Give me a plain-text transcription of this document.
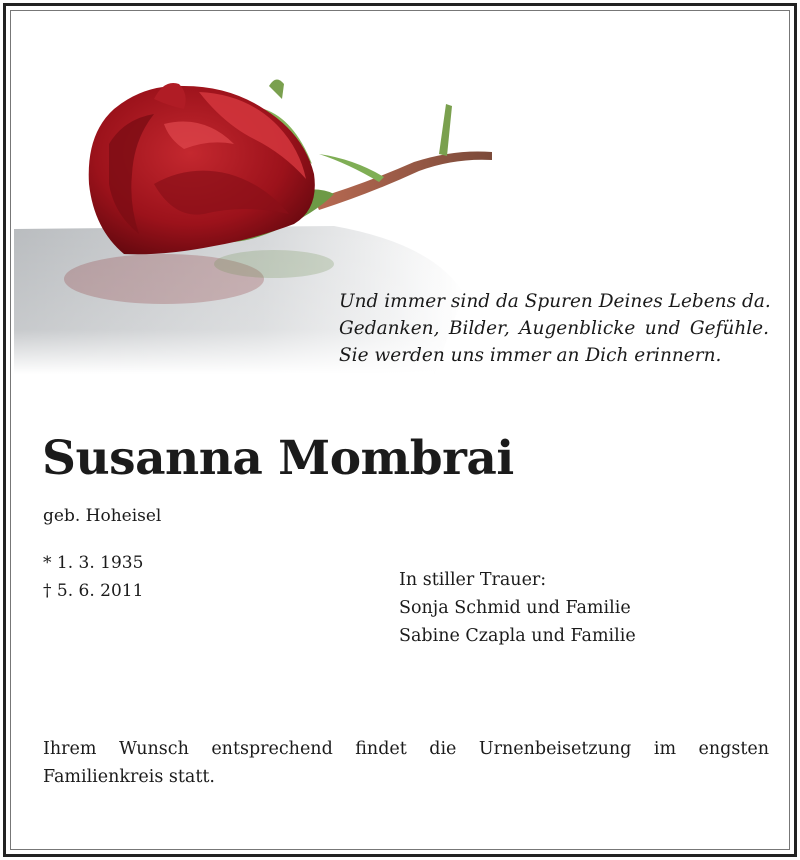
Und immer sind da Spuren Deines Lebens da.
Gedanken, Bilder, Augenblicke und Gefühle.
Sie werden uns immer an Dich erinnern.
Susanna Mombrai
geb. Hoheisel
* 1. 3. 1935
† 5. 6. 2011
In stiller Trauer:
Sonja Schmid und Familie
Sabine Czapla und Familie
Ihrem Wunsch entsprechend findet die Urnenbeisetzung im engsten
Familienkreis statt.
